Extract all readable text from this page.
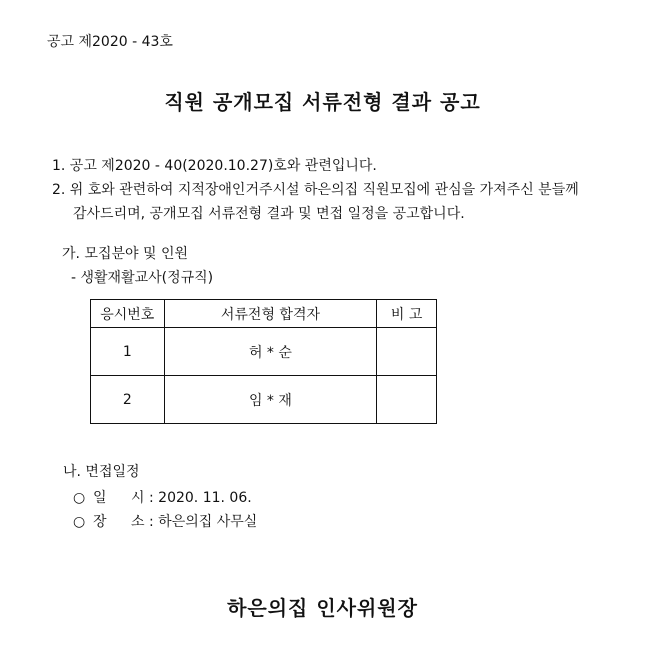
공고 제2020 - 43호
직원 공개모집 서류전형 결과 공고
1. 공고 제2020 - 40(2020.10.27)호와 관련입니다.
2. 위 호와 관련하여 지적장애인거주시설 하은의집 직원모집에 관심을 가져주신 분들께
감사드리며, 공개모집 서류전형 결과 및 면접 일정을 공고합니다.
가. 모집분야 및 인원
- 생활재활교사(정규직)
응시번호	서류전형 합격자	비 고
1	허 * 순	
2	임 * 재	
나. 면접일정
○ 일 시 : 2020. 11. 06.
○ 장 소 : 하은의집 사무실
하은의집 인사위원장
